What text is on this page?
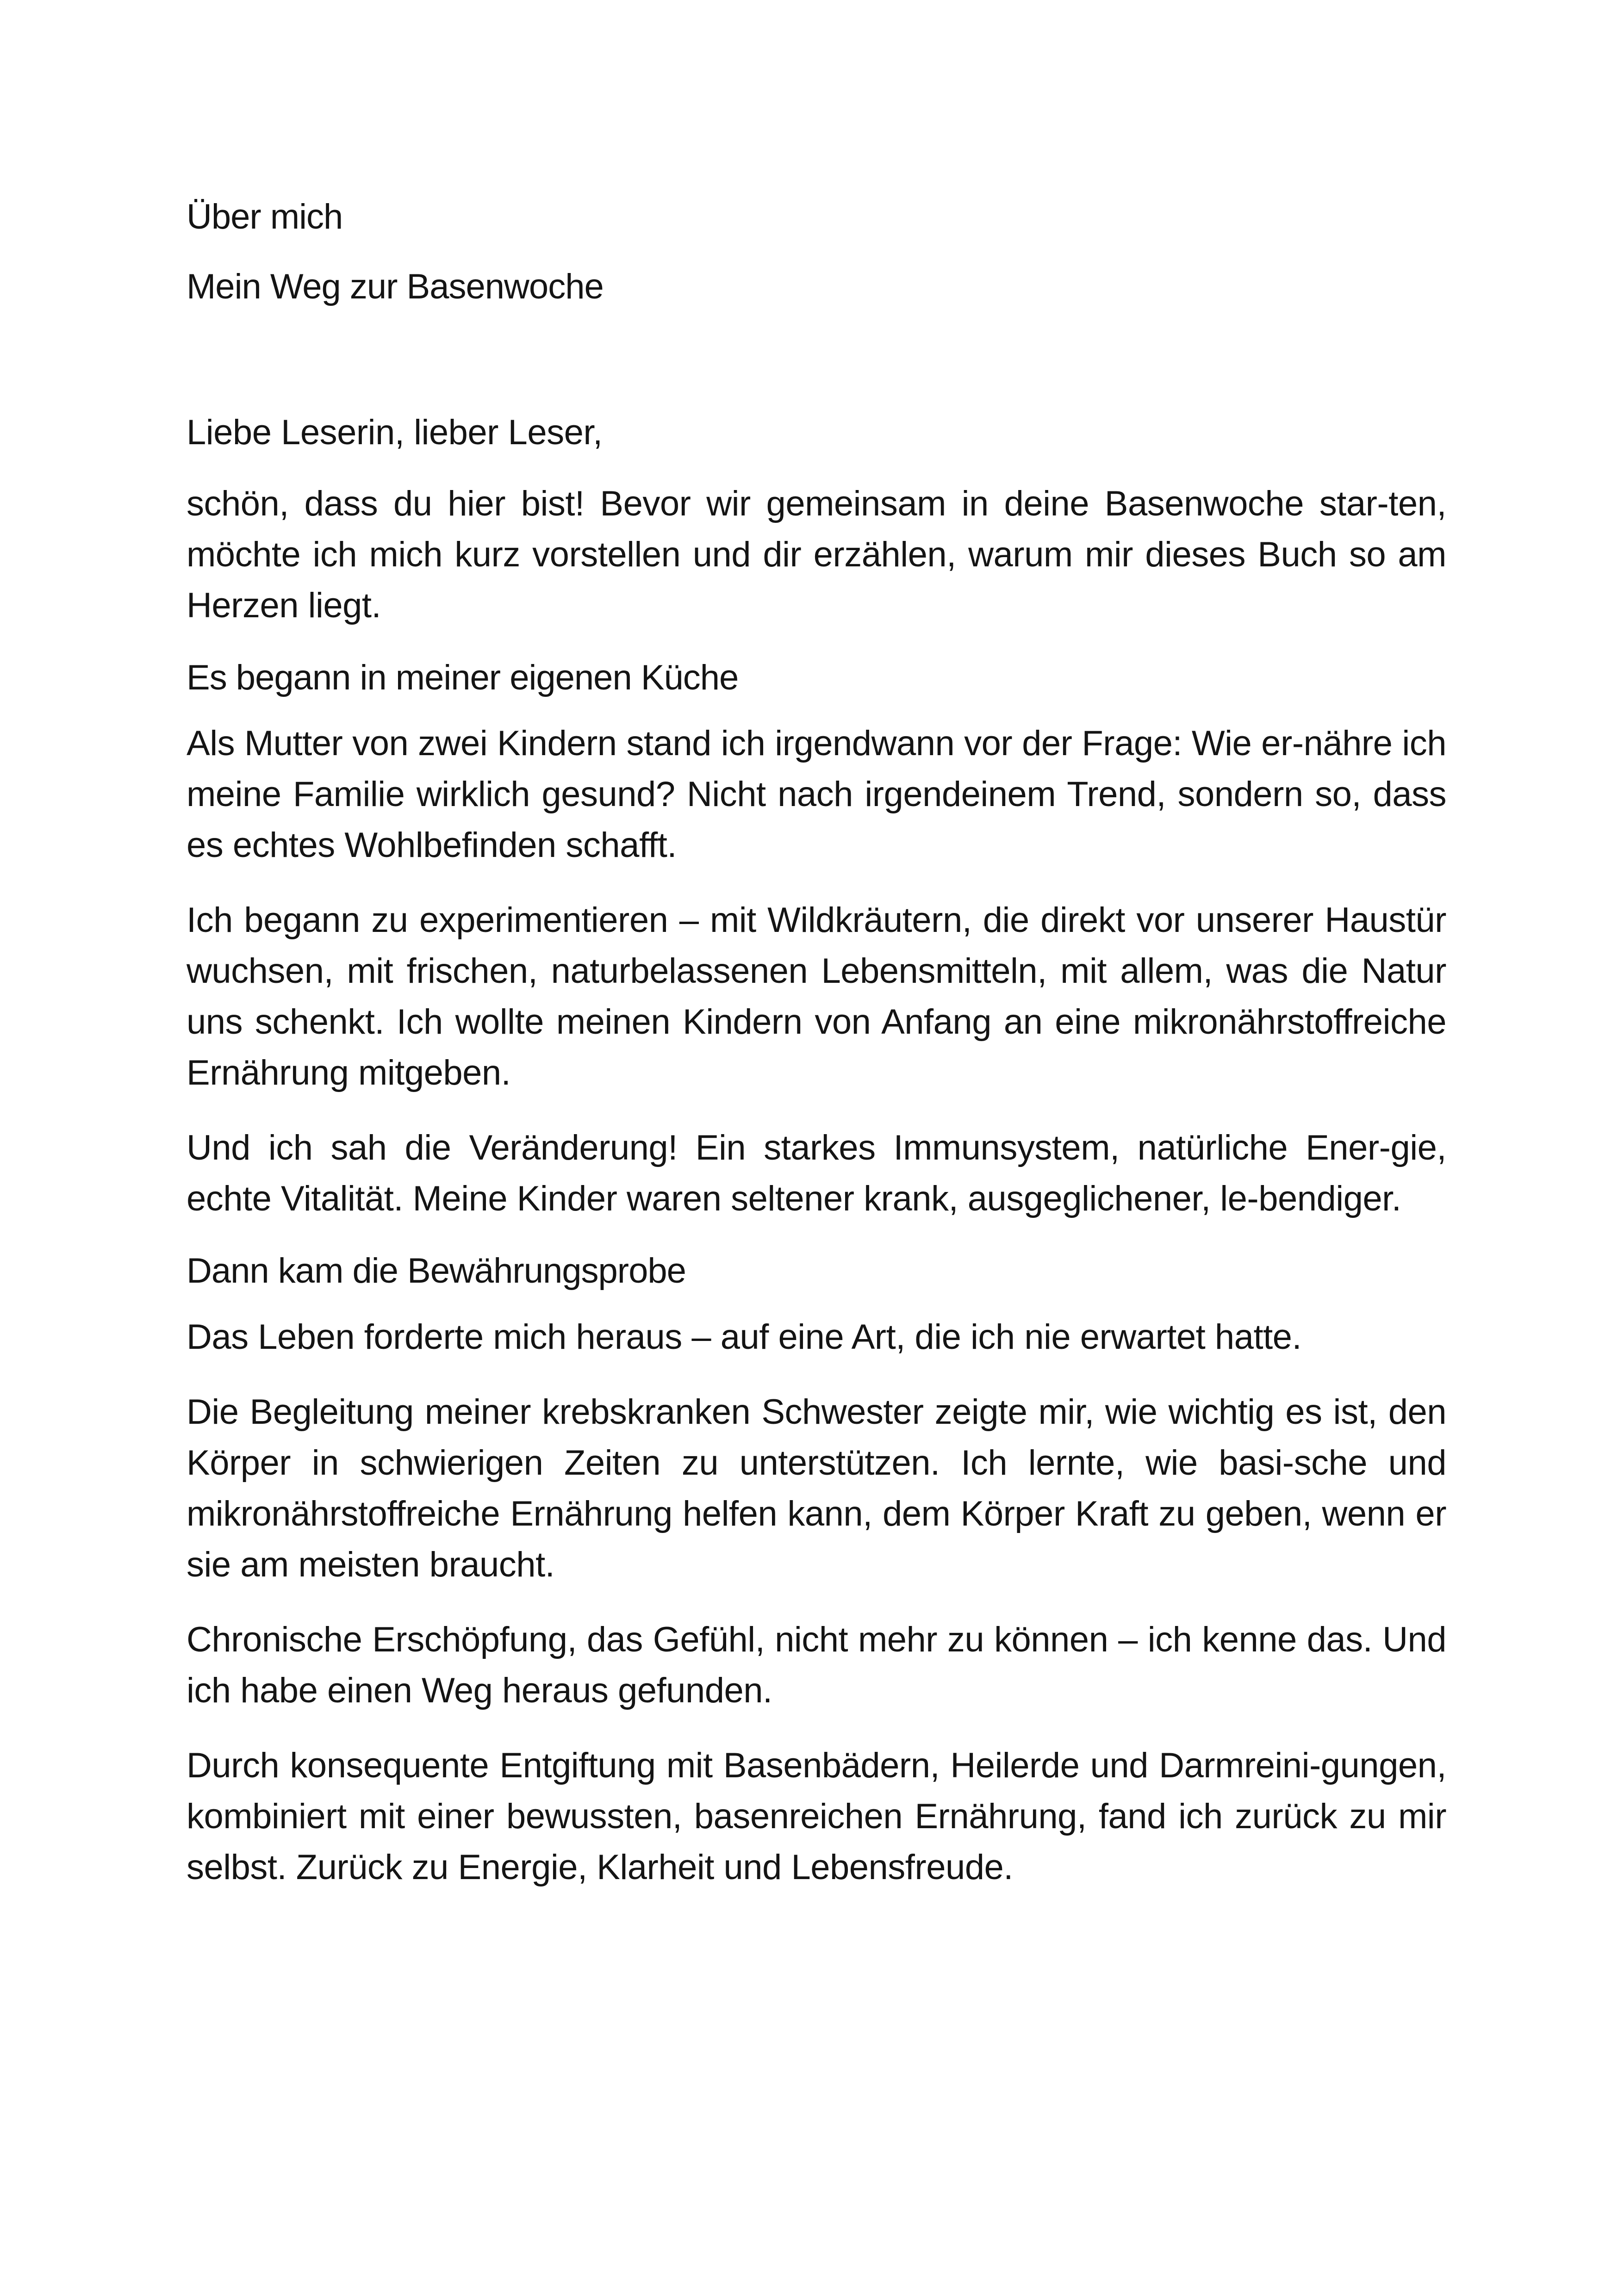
Über mich
Mein Weg zur Basenwoche

Liebe Leserin, lieber Leser,

schön, dass du hier bist! Bevor wir gemeinsam in deine Basenwoche star-ten, möchte ich mich kurz vorstellen und dir erzählen, warum mir dieses Buch so am Herzen liegt.

Es begann in meiner eigenen Küche

Als Mutter von zwei Kindern stand ich irgendwann vor der Frage: Wie er-nähre ich meine Familie wirklich gesund? Nicht nach irgendeinem Trend, sondern so, dass es echtes Wohlbefinden schafft.

Ich begann zu experimentieren – mit Wildkräutern, die direkt vor unserer Haustür wuchsen, mit frischen, naturbelassenen Lebensmitteln, mit allem, was die Natur uns schenkt. Ich wollte meinen Kindern von Anfang an eine mikronährstoffreiche Ernährung mitgeben.

Und ich sah die Veränderung! Ein starkes Immunsystem, natürliche Ener-gie, echte Vitalität. Meine Kinder waren seltener krank, ausgeglichener, le-bendiger.

Dann kam die Bewährungsprobe

Das Leben forderte mich heraus – auf eine Art, die ich nie erwartet hatte.

Die Begleitung meiner krebskranken Schwester zeigte mir, wie wichtig es ist, den Körper in schwierigen Zeiten zu unterstützen. Ich lernte, wie basi-sche und mikronährstoffreiche Ernährung helfen kann, dem Körper Kraft zu geben, wenn er sie am meisten braucht.

Chronische Erschöpfung, das Gefühl, nicht mehr zu können – ich kenne das. Und ich habe einen Weg heraus gefunden.

Durch konsequente Entgiftung mit Basenbädern, Heilerde und Darmreini-gungen, kombiniert mit einer bewussten, basenreichen Ernährung, fand ich zurück zu mir selbst. Zurück zu Energie, Klarheit und Lebensfreude.
